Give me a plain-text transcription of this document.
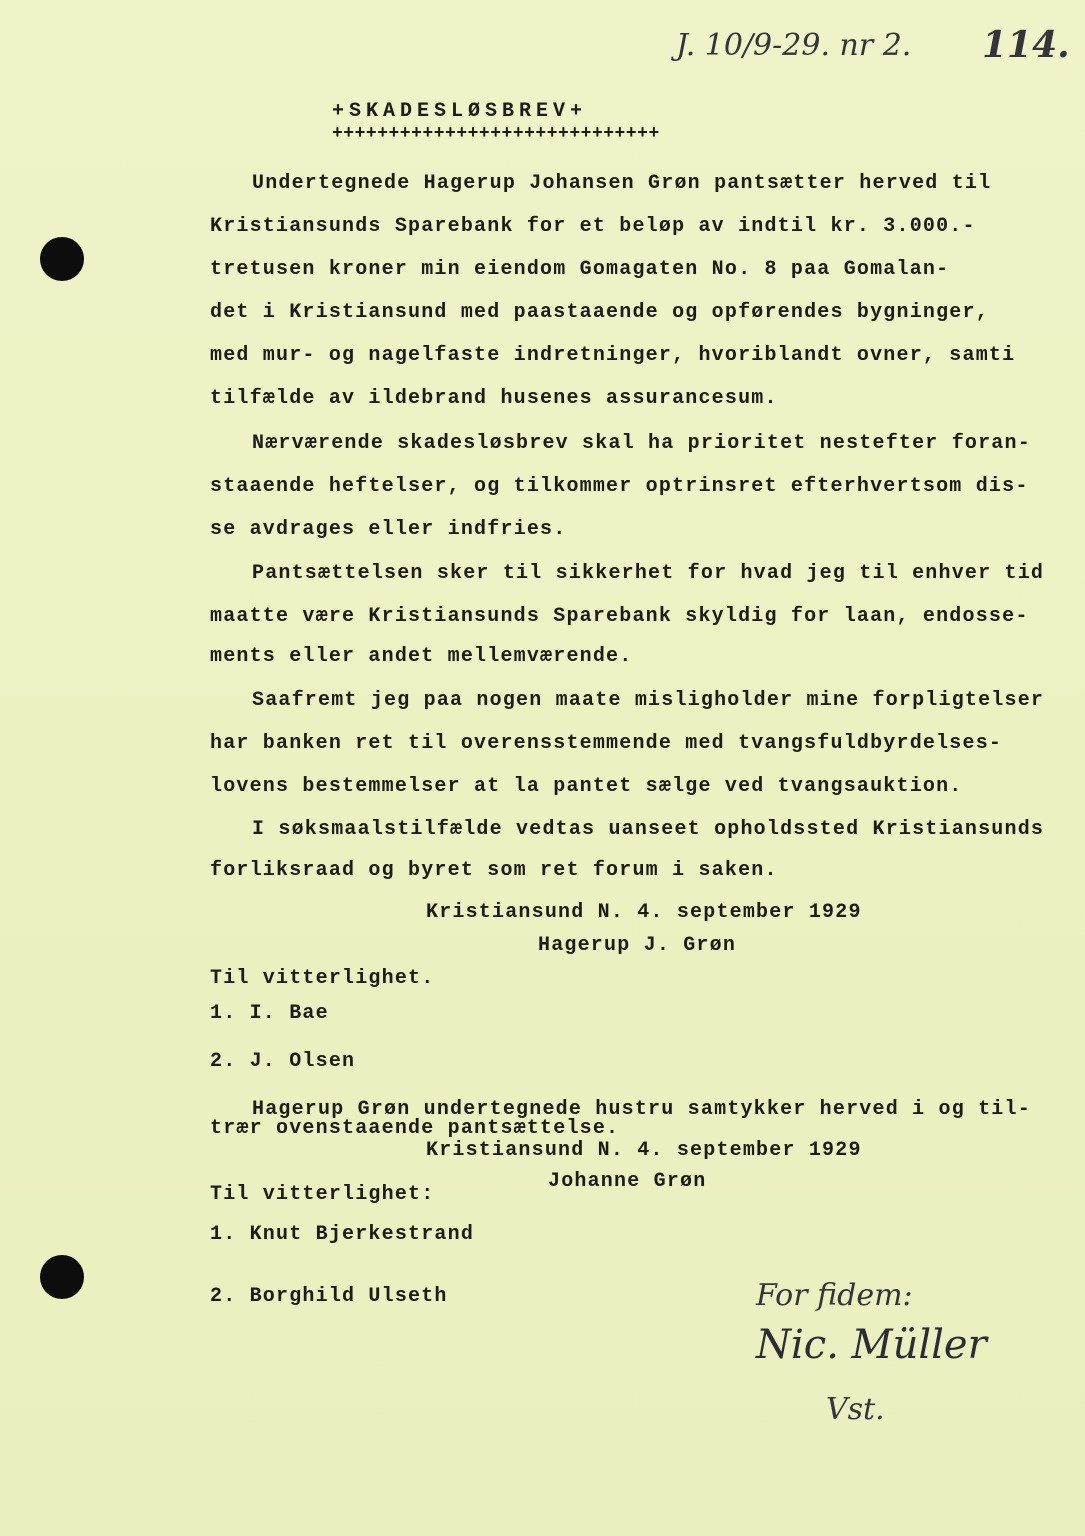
J. 10/9-29. nr 2. 114.
+SKADESLØSBREV+
+++++++++++++++++++++++++++++
Undertegnede Hagerup Johansen Grøn pantsætter herved til
Kristiansunds Sparebank for et beløp av indtil kr. 3.000.-
tretusen kroner min eiendom Gomagaten No. 8 paa Gomalan-
det i Kristiansund med paastaaende og opførendes bygninger,
med mur- og nagelfaste indretninger, hvoriblandt ovner, samti
tilfælde av ildebrand husenes assurancesum.
Nærværende skadesløsbrev skal ha prioritet nestefter foran-
staaende heftelser, og tilkommer optrinsret efterhvertsom dis-
se avdrages eller indfries.
Pantsættelsen sker til sikkerhet for hvad jeg til enhver tid
maatte være Kristiansunds Sparebank skyldig for laan, endosse-
ments eller andet mellemværende.
Saafremt jeg paa nogen maate misligholder mine forpligtelser
har banken ret til overensstemmende med tvangsfuldbyrdelses-
lovens bestemmelser at la pantet sælge ved tvangsauktion.
I søksmaalstilfælde vedtas uanseet opholdssted Kristiansunds
forliksraad og byret som ret forum i saken.
Kristiansund N. 4. september 1929
Hagerup J. Grøn
Til vitterlighet.
1. I. Bae
2. J. Olsen
Hagerup Grøn undertegnede hustru samtykker herved i og til-
trær ovenstaaende pantsættelse.
Kristiansund N. 4. september 1929
Johanne Grøn
Til vitterlighet:
1. Knut Bjerkestrand
2. Borghild Ulseth	For fidem:
Nic. Müller
Vst.
